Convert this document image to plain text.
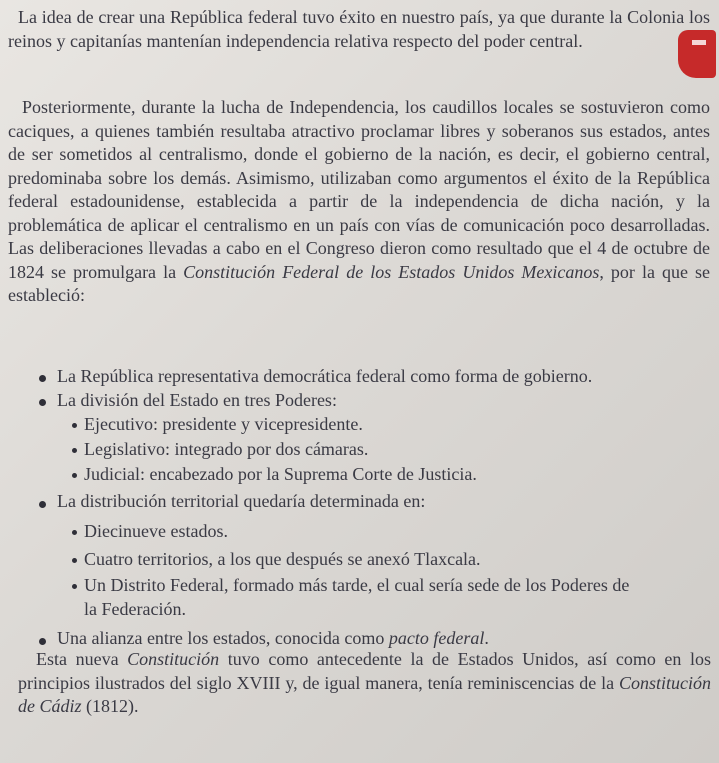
La idea de crear una República federal tuvo éxito en nuestro país, ya que durante la Colonia los reinos y capitanías mantenían independencia relativa respecto del poder central.

Posteriormente, durante la lucha de Independencia, los caudillos locales se sostuvieron como caciques, a quienes también resultaba atractivo proclamar libres y soberanos sus estados, antes de ser sometidos al centralismo, donde el gobierno de la nación, es decir, el gobierno central, predominaba sobre los demás. Asimismo, utilizaban como argumentos el éxito de la República federal estadounidense, establecida a partir de la independencia de dicha nación, y la problemática de aplicar el centralismo en un país con vías de comunicación poco desarrolladas. Las deliberaciones llevadas a cabo en el Congreso dieron como resultado que el 4 de octubre de 1824 se promulgara la Constitución Federal de los Estados Unidos Mexicanos, por la que se estableció:

La República representativa democrática federal como forma de gobierno.
La división del Estado en tres Poderes:
Ejecutivo: presidente y vicepresidente.
Legislativo: integrado por dos cámaras.
Judicial: encabezado por la Suprema Corte de Justicia.
La distribución territorial quedaría determinada en:
Diecinueve estados.
Cuatro territorios, a los que después se anexó Tlaxcala.
Un Distrito Federal, formado más tarde, el cual sería sede de los Poderes de
la Federación.
Una alianza entre los estados, conocida como pacto federal.

Esta nueva Constitución tuvo como antecedente la de Estados Unidos, así como en los principios ilustrados del siglo XVIII y, de igual manera, tenía reminiscencias de la Constitución de Cádiz (1812).
